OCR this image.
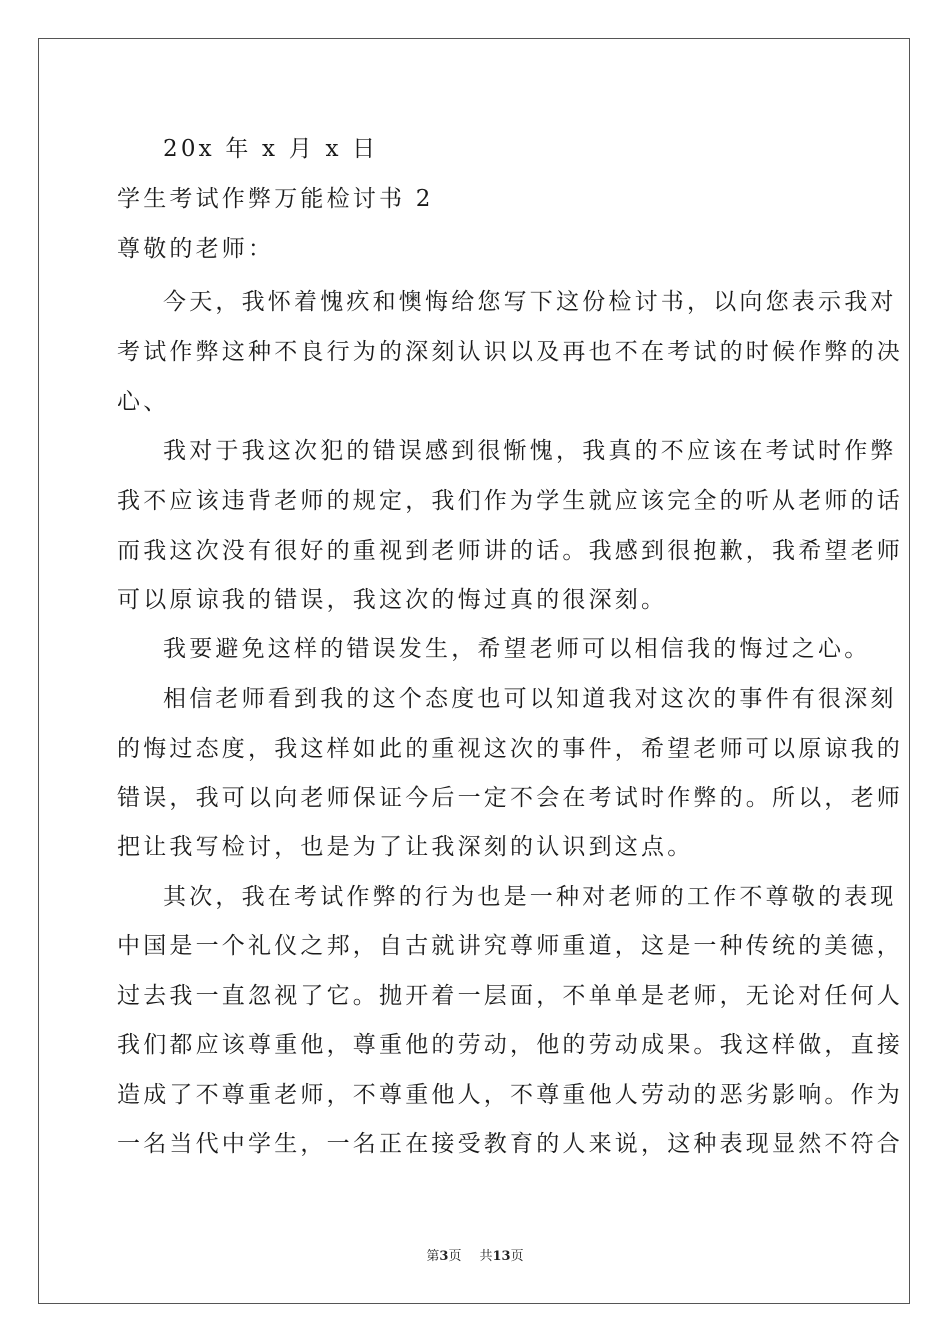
20x 年 x 月 x 日
学生考试作弊万能检讨书 2
尊敬的老师：
今天，我怀着愧疚和懊悔给您写下这份检讨书，以向您表示我对
考试作弊这种不良行为的深刻认识以及再也不在考试的时候作弊的决
心、
我对于我这次犯的错误感到很惭愧，我真的不应该在考试时作弊
我不应该违背老师的规定，我们作为学生就应该完全的听从老师的话
而我这次没有很好的重视到老师讲的话。我感到很抱歉，我希望老师
可以原谅我的错误，我这次的悔过真的很深刻。
我要避免这样的错误发生，希望老师可以相信我的悔过之心。
相信老师看到我的这个态度也可以知道我对这次的事件有很深刻
的悔过态度，我这样如此的重视这次的事件，希望老师可以原谅我的
错误，我可以向老师保证今后一定不会在考试时作弊的。所以，老师
把让我写检讨，也是为了让我深刻的认识到这点。
其次，我在考试作弊的行为也是一种对老师的工作不尊敬的表现
中国是一个礼仪之邦，自古就讲究尊师重道，这是一种传统的美德，
过去我一直忽视了它。抛开着一层面，不单单是老师，无论对任何人
我们都应该尊重他，尊重他的劳动，他的劳动成果。我这样做，直接
造成了不尊重老师，不尊重他人，不尊重他人劳动的恶劣影响。作为
一名当代中学生，一名正在接受教育的人来说，这种表现显然不符合
第3页 共13页
